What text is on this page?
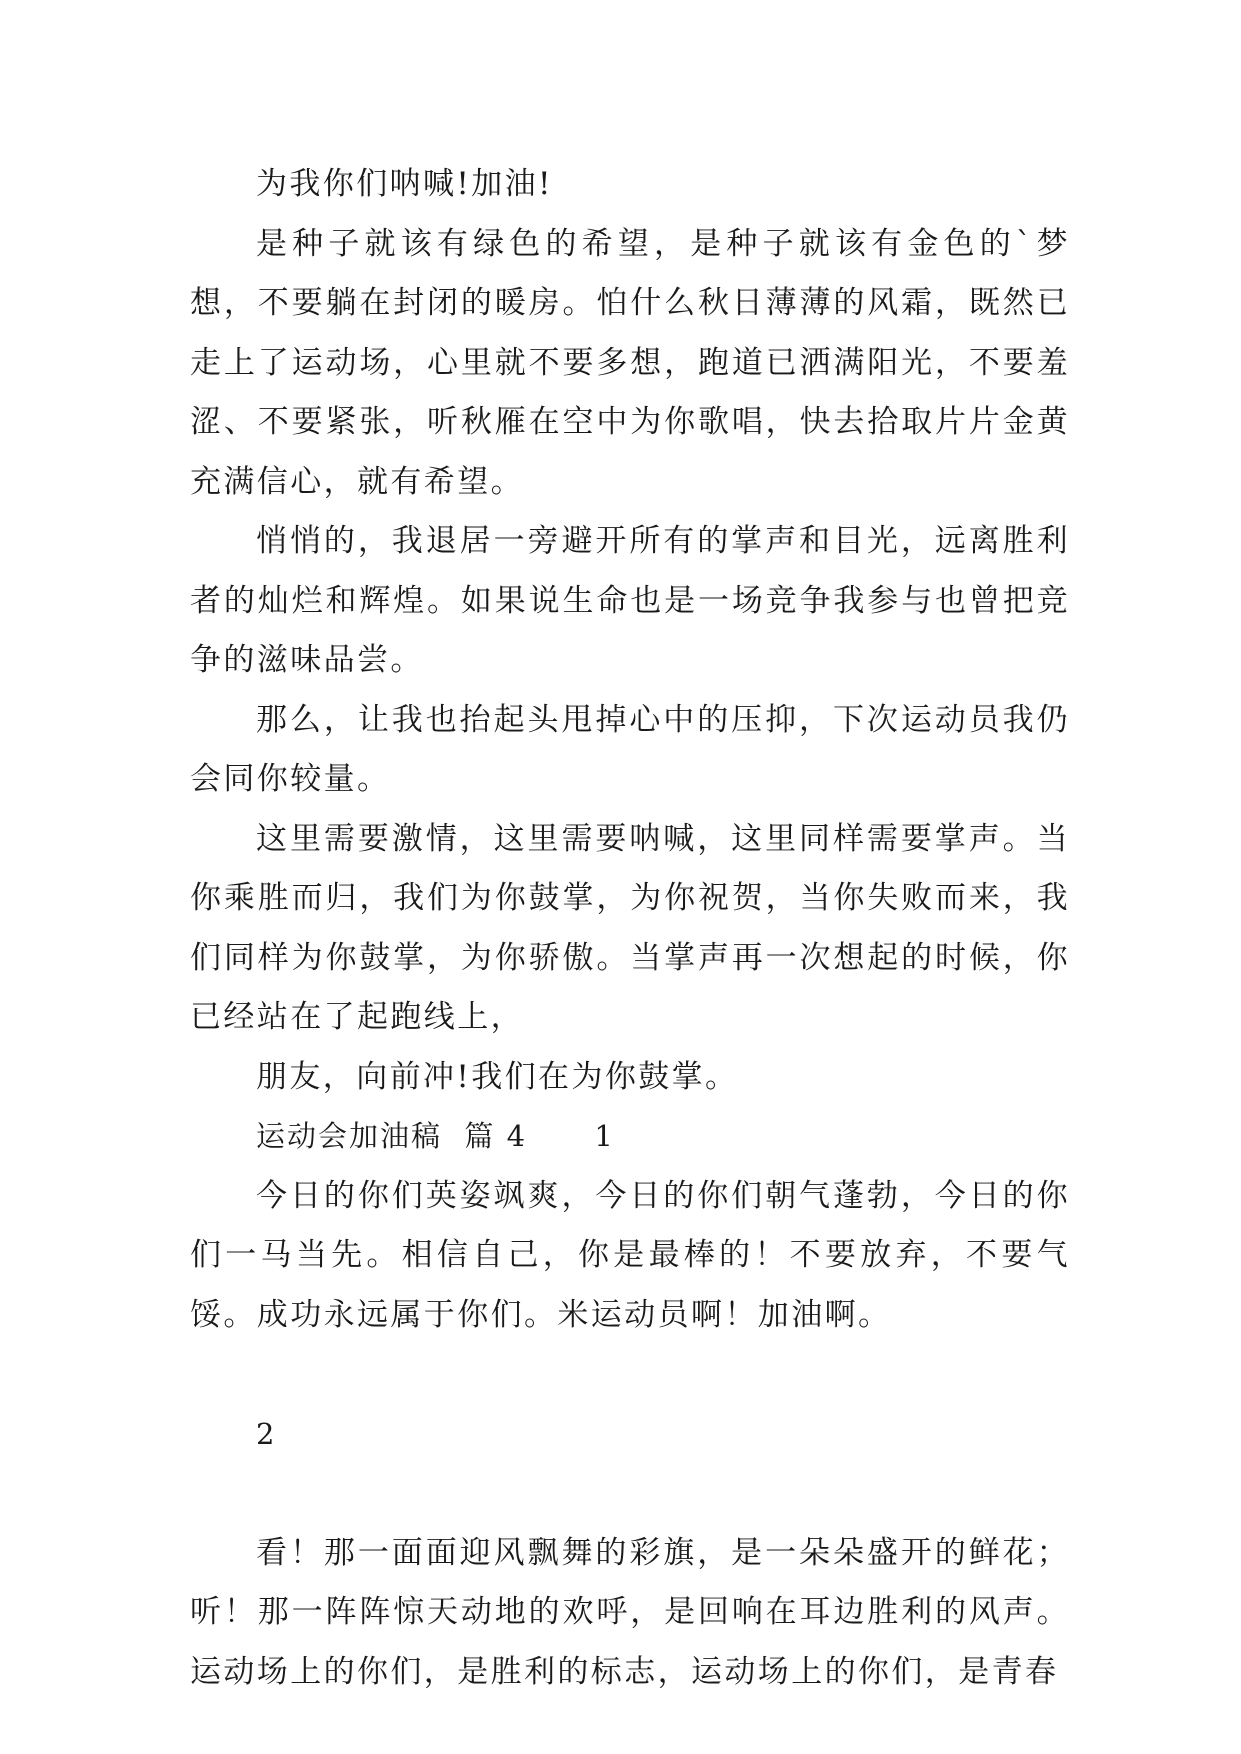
为我你们呐喊!加油!

是种子就该有绿色的希望，是种子就该有金色的`梦想，不要躺在封闭的暖房。怕什么秋日薄薄的风霜，既然已走上了运动场，心里就不要多想，跑道已洒满阳光，不要羞涩、不要紧张，听秋雁在空中为你歌唱，快去拾取片片金黄充满信心，就有希望。

悄悄的，我退居一旁避开所有的掌声和目光，远离胜利者的灿烂和辉煌。如果说生命也是一场竞争我参与也曾把竞争的滋味品尝。

那么，让我也抬起头甩掉心中的压抑，下次运动员我仍会同你较量。

这里需要激情，这里需要呐喊，这里同样需要掌声。当你乘胜而归，我们为你鼓掌，为你祝贺，当你失败而来，我们同样为你鼓掌，为你骄傲。当掌声再一次想起的时候，你已经站在了起跑线上，

朋友，向前冲!我们在为你鼓掌。

运动会加油稿  篇 4      1

今日的你们英姿飒爽，今日的你们朝气蓬勃，今日的你们一马当先。相信自己，你是最棒的！不要放弃，不要气馁。成功永远属于你们。米运动员啊！加油啊。

2

看！那一面面迎风飘舞的彩旗，是一朵朵盛开的鲜花；听！那一阵阵惊天动地的欢呼，是回响在耳边胜利的风声。运动场上的你们，是胜利的标志，运动场上的你们，是青春
